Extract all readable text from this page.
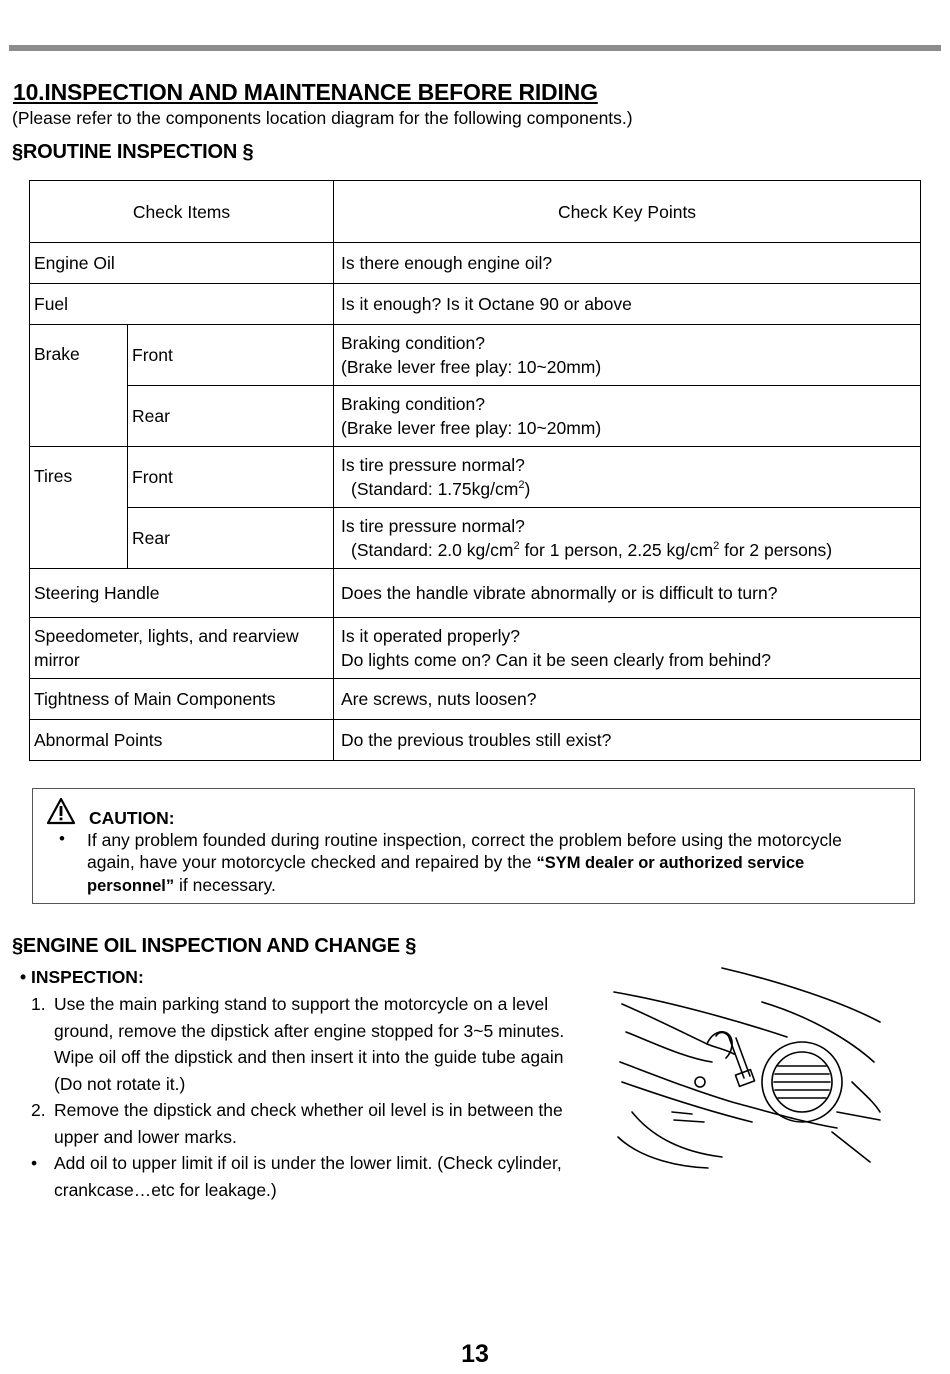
10.INSPECTION AND MAINTENANCE BEFORE RIDING
(Please refer to the components location diagram for the following components.)
§ROUTINE INSPECTION §
Check Items		Check Key Points
Engine Oil		Is there enough engine oil?
Fuel		Is it enough? Is it Octane 90 or above
Brake	Front	Braking condition?
(Brake lever free play: 10~20mm)

	Rear	Braking condition?
(Brake lever free play: 10~20mm)

Tires	Front	Is tire pressure normal?
(Standard: $1.75kg/cm^2$)

	Rear	Is tire pressure normal?
(Standard: 2.0 $kg/cm^2$ for 1 person, 2.25 $kg/cm^2$ for 2 persons)

Steering Handle		Does the handle vibrate abnormally or is difficult to turn?
Speedometer, lights, and rearview mirror		Is it operated properly?
Do lights come on? Can it be seen clearly from behind?

Tightness of Main Components		Are screws, nuts loosen?
Abnormal Points		Do the previous troubles still exist?
CAUTION:
• If any problem founded during routine inspection, correct the problem before using the motorcycle again, have your motorcycle checked and repaired by the “SYM dealer or authorized service personnel” if necessary.
§ENGINE OIL INSPECTION AND CHANGE §
• INSPECTION:
1. Use the main parking stand to support the motorcycle on a level ground, remove the dipstick after engine stopped for 3~5 minutes. Wipe oil off the dipstick and then insert it into the guide tube again (Do not rotate it.)
2. Remove the dipstick and check whether oil level is in between the upper and lower marks.
• Add oil to upper limit if oil is under the lower limit. (Check cylinder, crankcase…etc for leakage.)
13
